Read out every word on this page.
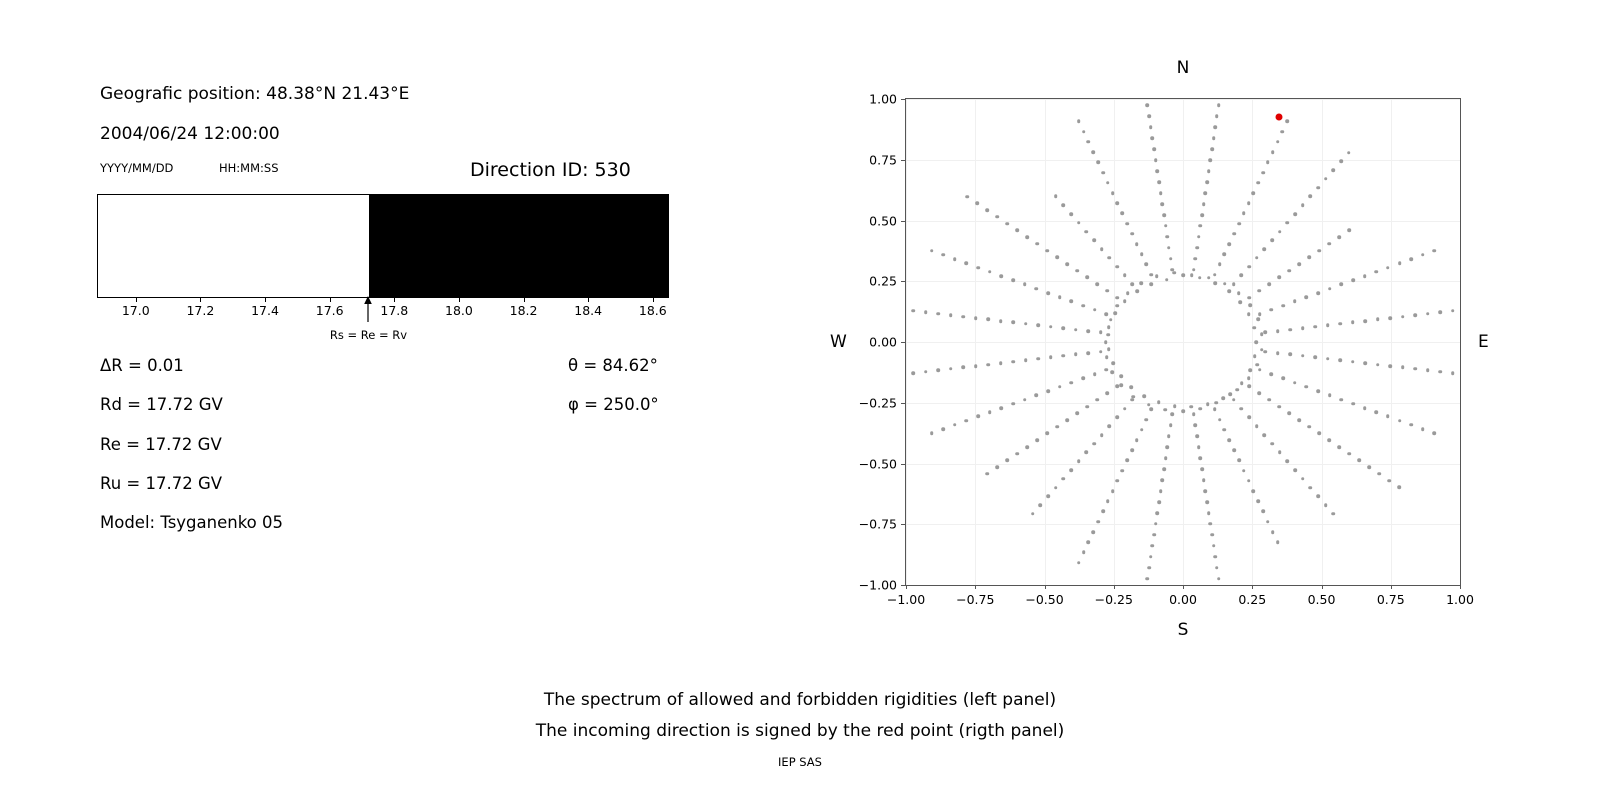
Geografic position: 48.38°N 21.43°E
2004/06/24 12:00:00
YYYY/MM/DD	HH:MM:SS	Direction ID: 530
17.0	17.2	17.4	17.6	17.8	18.0	18.2	18.4	18.6
Rs = Re = Rv
ΔR = 0.01
Rd = 17.72 GV
Re = 17.72 GV
Ru = 17.72 GV
Model: Tsyganenko 05
θ = 84.62°
φ = 250.0°
N
S
W	E
−1.00 −0.75 −0.50 −0.25	0.00	0.25	0.50	0.75	1.00
−1.00
−0.75
−0.50
−0.25
0.00
0.25
0.50
0.75
1.00
The spectrum of allowed and forbidden rigidities (left panel)
The incoming direction is signed by the red point (rigth panel)
IEP SAS
